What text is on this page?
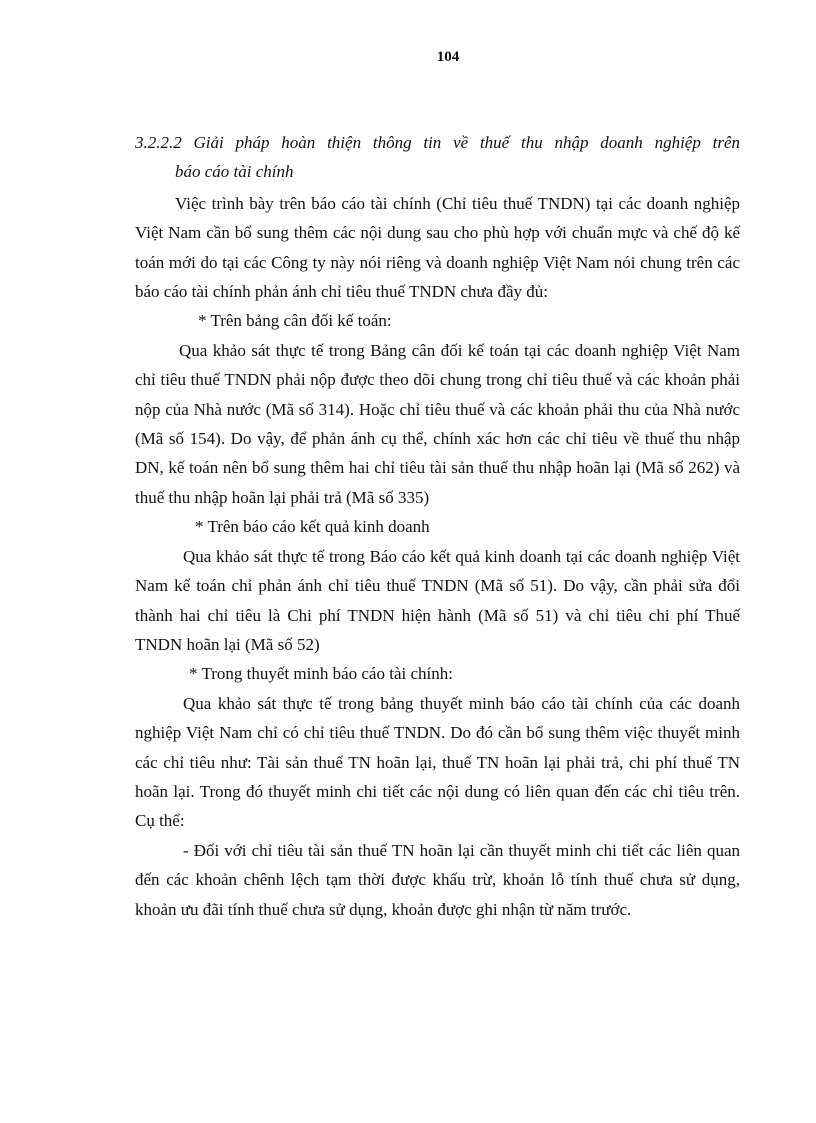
104

3.2.2.2 Giải pháp hoàn thiện thông tin về thuế thu nhập doanh nghiệp trên

báo cáo tài chính

Việc trình bày trên báo cáo tài chính (Chỉ tiêu thuế TNDN) tại các doanh nghiệp Việt Nam cần bổ sung thêm các nội dung sau cho phù hợp với chuẩn mực và chế độ kế toán mới do tại các Công ty này nói riêng và doanh nghiệp Việt Nam nói chung trên các báo cáo tài chính phản ánh chỉ tiêu thuế TNDN chưa đầy đủ:

* Trên bảng cân đối kế toán:

Qua khảo sát thực tế trong Bảng cân đối kế toán tại các doanh nghiệp Việt Nam chỉ tiêu thuế TNDN phải nộp được theo dõi chung trong chỉ tiêu thuế và các khoản phải nộp của Nhà nước (Mã số 314). Hoặc chỉ tiêu thuế và các khoản phải thu của Nhà nước (Mã số 154). Do vậy, để phản ánh cụ thể, chính xác hơn các chỉ tiêu về thuế thu nhập DN, kế toán nên bổ sung thêm hai chỉ tiêu tài sản thuế thu nhập hoãn lại (Mã số 262) và thuế thu nhập hoãn lại phải trả (Mã số 335)

* Trên báo cáo kết quả kinh doanh

Qua khảo sát thực tế trong Báo cáo kết quả kinh doanh tại các doanh nghiệp Việt Nam kế toán chỉ phản ánh chỉ tiêu thuế TNDN (Mã số 51). Do vậy, cần phải sửa đổi thành hai chỉ tiêu là Chi phí TNDN hiện hành (Mã số 51) và chỉ tiêu chi phí Thuế TNDN hoãn lại (Mã số 52)

* Trong thuyết minh báo cáo tài chính:

Qua khảo sát thực tế trong bảng thuyết minh báo cáo tài chính của các doanh nghiệp Việt Nam chỉ có chỉ tiêu thuế TNDN. Do đó cần bổ sung thêm việc thuyết minh các chỉ tiêu như: Tài sản thuế TN hoãn lại, thuế TN hoãn lại phải trả, chi phí thuế TN hoãn lại. Trong đó thuyết minh chi tiết các nội dung có liên quan đến các chỉ tiêu trên. Cụ thể:

- Đối với chỉ tiêu tài sản thuế TN hoãn lại cần thuyết minh chi tiết các liên quan đến các khoản chênh lệch tạm thời được khấu trừ, khoản lỗ tính thuế chưa sử dụng, khoản ưu đãi tính thuế chưa sử dụng, khoản được ghi nhận từ năm trước.
